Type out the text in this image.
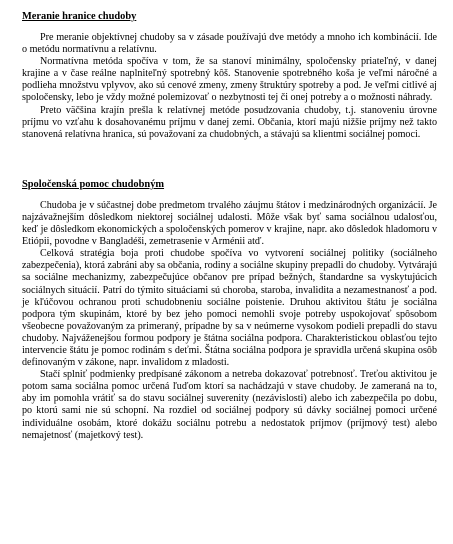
Meranie hranice chudoby

Pre meranie objektívnej chudoby sa v zásade používajú dve metódy a mnoho ich kombinácií. Ide o metódu normatívnu a relatívnu.

Normatívna metóda spočíva v tom, že sa stanoví minimálny, spoločensky priateľný, v danej krajine a v čase reálne naplniteľný spotrebný kôš. Stanovenie spotrebného koša je veľmi náročné a podlieha množstvu vplyvov, ako sú cenové zmeny, zmeny štruktúry spotreby a pod. Je veľmi citlivé aj spoločensky, lebo je vždy možné polemizovať o nezbytnosti tej či onej potreby a o možnosti náhrady.

Preto väčšina krajín prešla k relatívnej metóde posudzovania chudoby, t.j. stanoveniu úrovne príjmu vo vzťahu k dosahovanému príjmu v danej zemi. Občania, ktorí majú nižšie príjmy než takto stanovená relatívna hranica, sú považovaní za chudobných, a stávajú sa klientmi sociálnej pomoci.

Spoločenská pomoc chudobným

Chudoba je v súčastnej dobe predmetom trvalého záujmu štátov i medzinárodných organizácií. Je najzávažnejším dôsledkom niektorej sociálnej udalosti. Môže však byť sama sociálnou udalosťou, keď je dôsledkom ekonomických a spoločenských pomerov v krajine, napr. ako dôsledok hladomoru v Etiópii, povodne v Bangladéši, zemetrasenie v Arménii atď.

Celková stratégia boja proti chudobe spočíva vo vytvorení sociálnej politiky (sociálneho zabezpečenia), ktorá zabráni aby sa občania, rodiny a sociálne skupiny prepadli do chudoby. Vytvárajú sa sociálne mechanizmy, zabezpečujúce občanov pre prípad bežných, štandardne sa vyskytujúcich sociálnych situácií. Patrí do týmito situáciami sú choroba, staroba, invalidita a nezamestnanosť a pod. je kľúčovou ochranou proti schudobneniu sociálne poistenie. Druhou aktivitou štátu je sociálna podpora tým skupinám, ktoré by bez jeho pomoci nemohli svoje potreby uspokojovať spôsobom všeobecne považovaným za primeraný, prípadne by sa v neúmerne vysokom podieli prepadli do stavu chudoby. Najváženejšou formou podpory je štátna sociálna podpora. Charakteristickou oblasťou tejto intervencie štátu je pomoc rodinám s deťmi. Štátna sociálna podpora je spravidla určená skupina osôb definovaným v zákone, napr. invalidom z mladosti.

Stačí splniť podmienky predpísané zákonom a netreba dokazovať potrebnosť. Treťou aktivitou je potom sama sociálna pomoc určená ľuďom ktorí sa nachádzajú v stave chudoby. Je zameraná na to, aby im pomohla vrátiť sa do stavu sociálnej suverenity (nezávislosti) alebo ich zabezpečila po dobu, po ktorú sami nie sú schopní. Na rozdiel od sociálnej podpory sú dávky sociálnej pomoci určené individuálne osobám, ktoré dokážu sociálnu potrebu a nedostatok príjmov (príjmový test) alebo nemajetnosť (majetkový test).
